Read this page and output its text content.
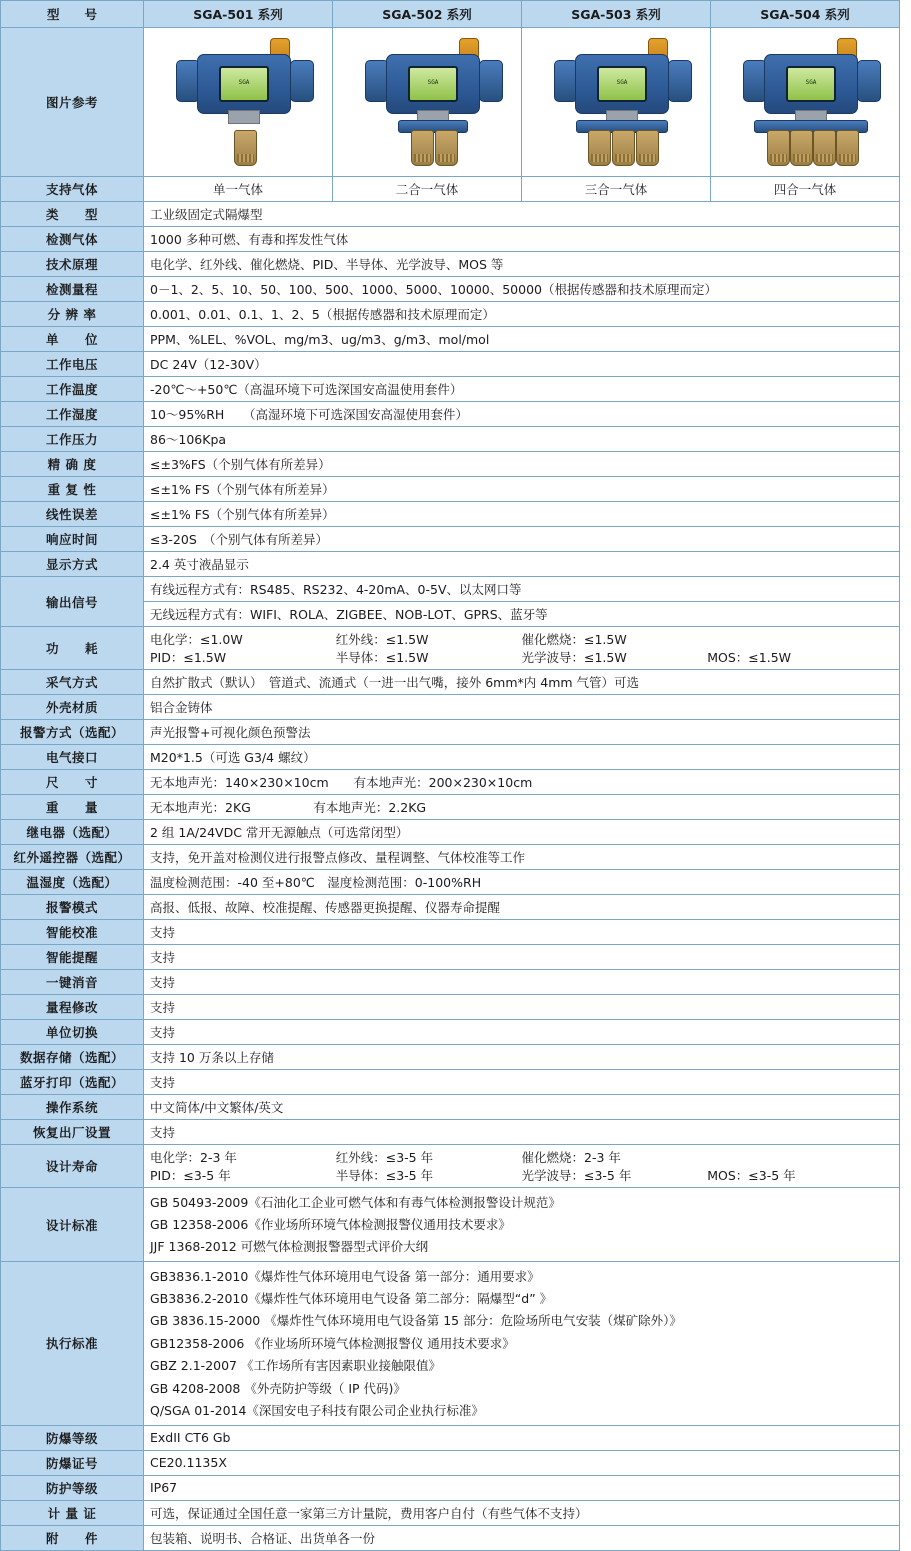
型　　号	SGA-501 系列	SGA-502 系列	SGA-503 系列	SGA-504 系列
图片参考	SGA	SGA	SGA	SGA

支持气体	单一气体	二合一气体	三合一气体	四合一气体
类　　型	工业级固定式隔爆型			
检测气体	1000 多种可燃、有毒和挥发性气体			
技术原理	电化学、红外线、催化燃烧、PID、半导体、光学波导、MOS 等			
检测量程	0－1、2、5、10、50、100、500、1000、5000、10000、50000（根据传感器和技术原理而定）			
分 辨 率	0.001、0.01、0.1、1、2、5（根据传感器和技术原理而定）			
单　　位	PPM、%LEL、%VOL、mg/m3、ug/m3、g/m3、mol/mol			
工作电压	DC 24V（12-30V）			
工作温度	-20℃～+50℃（高温环境下可选深国安高温使用套件）			
工作湿度	10～95%RH　　（高湿环境下可选深国安高湿使用套件）			
工作压力	86～106Kpa			
精 确 度	≤±3%FS（个别气体有所差异）			
重 复 性	≤±1% FS（个别气体有所差异）			
线性误差	≤±1% FS（个别气体有所差异）			
响应时间	≤3-20S　（个别气体有所差异）			
显示方式	2.4 英寸液晶显示			
输出信号	有线远程方式有：RS485、RS232、4-20mA、0-5V、以太网口等			
	无线远程方式有：WIFI、ROLA、ZIGBEE、NOB-LOT、GPRS、蓝牙等			
功　　耗	
电化学：≤1.0W	红外线：≤1.5W	催化燃烧：≤1.5W
PID：≤1.5W	半导体：≤1.5W	光学波导：≤1.5W	MOS：≤1.5W

采气方式	自然扩散式（默认）　管道式、流通式（一进一出气嘴，接外 6mm*内 4mm 气管）可选			
外壳材质	铝合金铸体			
报警方式（选配）	声光报警+可视化颜色预警法			
电气接口	M20*1.5（可选 G3/4 螺纹）			
尺　　寸	无本地声光：140×230×10cm　　有本地声光：200×230×10cm			
重　　量	无本地声光：2KG　　　　　有本地声光：2.2KG			
继电器（选配）	2 组 1A/24VDC 常开无源触点（可选常闭型）			
红外遥控器（选配）	支持，免开盖对检测仪进行报警点修改、量程调整、气体校准等工作			
温湿度（选配）	温度检测范围：-40 至+80℃　湿度检测范围：0-100%RH			
报警模式	高报、低报、故障、校准提醒、传感器更换提醒、仪器寿命提醒			
智能校准	支持			
智能提醒	支持			
一键消音	支持			
量程修改	支持			
单位切换	支持			
数据存储（选配）	支持 10 万条以上存储			
蓝牙打印（选配）	支持			
操作系统	中文简体/中文繁体/英文			
恢复出厂设置	支持			
设计寿命	
电化学：2-3 年	红外线：≤3-5 年	催化燃烧：2-3 年
PID：≤3-5 年	半导体：≤3-5 年	光学波导：≤3-5 年	MOS：≤3-5 年

设计标准	GB 50493-2009《石油化工企业可燃气体和有毒气体检测报警设计规范》
GB 12358-2006《作业场所环境气体检测报警仪通用技术要求》
JJF 1368-2012 可燃气体检测报警器型式评价大纲			

执行标准	
GB3836.1-2010《爆炸性气体环境用电气设备 第一部分：通用要求》
GB3836.2-2010《爆炸性气体环境用电气设备 第二部分：隔爆型“d” 》
GB 3836.15-2000 《爆炸性气体环境用电气设备第 15 部分：危险场所电气安装（煤矿除外）》
GB12358-2006 《作业场所环境气体检测报警仪 通用技术要求》
GBZ 2.1-2007 《工作场所有害因素职业接触限值》
GB 4208-2008 《外壳防护等级（ IP 代码)》
Q/SGA 01-2014《深国安电子科技有限公司企业执行标准》

防爆等级	ExdII CT6 Gb			
防爆证号	CE20.1135X			
防护等级	IP67			
计 量 证	可选，保证通过全国任意一家第三方计量院，费用客户自付（有些气体不支持）			
附　　件	包装箱、说明书、合格证、出货单各一份			
